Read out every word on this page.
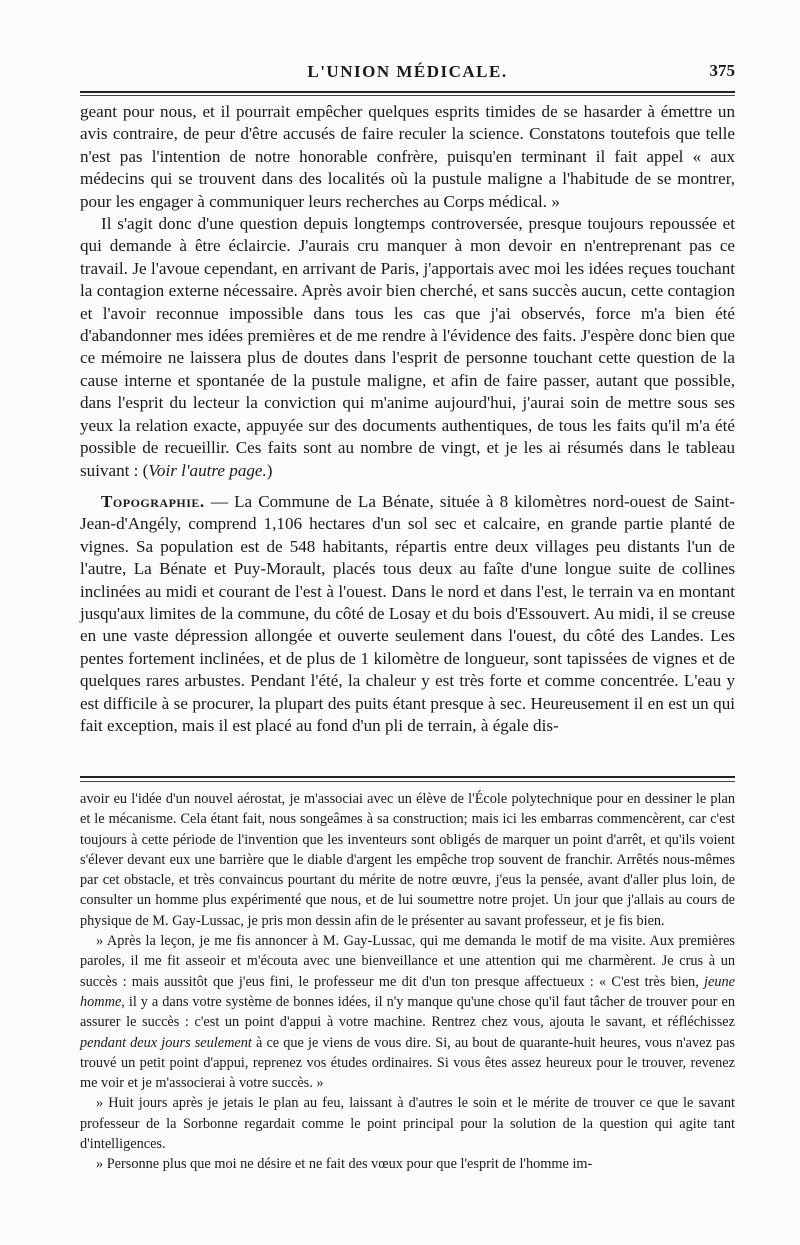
L'UNION MÉDICALE.	375

geant pour nous, et il pourrait empêcher quelques esprits timides de se hasarder à émettre un avis contraire, de peur d'être accusés de faire reculer la science. Constatons toutefois que telle n'est pas l'intention de notre honorable confrère, puisqu'en terminant il fait appel « aux médecins qui se trouvent dans des localités où la pustule maligne a l'habitude de se montrer, pour les engager à communiquer leurs recherches au Corps médical. »

Il s'agit donc d'une question depuis longtemps controversée, presque toujours repoussée et qui demande à être éclaircie. J'aurais cru manquer à mon devoir en n'entreprenant pas ce travail. Je l'avoue cependant, en arrivant de Paris, j'apportais avec moi les idées reçues touchant la contagion externe nécessaire. Après avoir bien cherché, et sans succès aucun, cette contagion et l'avoir reconnue impossible dans tous les cas que j'ai observés, force m'a bien été d'abandonner mes idées premières et de me rendre à l'évidence des faits. J'espère donc bien que ce mémoire ne laissera plus de doutes dans l'esprit de personne touchant cette question de la cause interne et spontanée de la pustule maligne, et afin de faire passer, autant que possible, dans l'esprit du lecteur la conviction qui m'anime aujourd'hui, j'aurai soin de mettre sous ses yeux la relation exacte, appuyée sur des documents authentiques, de tous les faits qu'il m'a été possible de recueillir. Ces faits sont au nombre de vingt, et je les ai résumés dans le tableau suivant : (Voir l'autre page.)

Topographie. — La Commune de La Bénate, située à 8 kilomètres nord-ouest de Saint-Jean-d'Angély, comprend 1,106 hectares d'un sol sec et calcaire, en grande partie planté de vignes. Sa population est de 548 habitants, répartis entre deux villages peu distants l'un de l'autre, La Bénate et Puy-Morault, placés tous deux au faîte d'une longue suite de collines inclinées au midi et courant de l'est à l'ouest. Dans le nord et dans l'est, le terrain va en montant jusqu'aux limites de la commune, du côté de Losay et du bois d'Essouvert. Au midi, il se creuse en une vaste dépression allongée et ouverte seulement dans l'ouest, du côté des Landes. Les pentes fortement inclinées, et de plus de 1 kilomètre de longueur, sont tapissées de vignes et de quelques rares arbustes. Pendant l'été, la chaleur y est très forte et comme concentrée. L'eau y est difficile à se procurer, la plupart des puits étant presque à sec. Heureusement il en est un qui fait exception, mais il est placé au fond d'un pli de terrain, à égale dis-

avoir eu l'idée d'un nouvel aérostat, je m'associai avec un élève de l'École polytechnique pour en dessiner le plan et le mécanisme. Cela étant fait, nous songeâmes à sa construction; mais ici les embarras commencèrent, car c'est toujours à cette période de l'invention que les inventeurs sont obligés de marquer un point d'arrêt, et qu'ils voient s'élever devant eux une barrière que le diable d'argent les empêche trop souvent de franchir. Arrêtés nous-mêmes par cet obstacle, et très convaincus pourtant du mérite de notre œuvre, j'eus la pensée, avant d'aller plus loin, de consulter un homme plus expérimenté que nous, et de lui soumettre notre projet. Un jour que j'allais au cours de physique de M. Gay-Lussac, je pris mon dessin afin de le présenter au savant professeur, et je fis bien.

» Après la leçon, je me fis annoncer à M. Gay-Lussac, qui me demanda le motif de ma visite. Aux premières paroles, il me fit asseoir et m'écouta avec une bienveillance et une attention qui me charmèrent. Je crus à un succès : mais aussitôt que j'eus fini, le professeur me dit d'un ton presque affectueux : « C'est très bien, jeune homme, il y a dans votre système de bonnes idées, il n'y manque qu'une chose qu'il faut tâcher de trouver pour en assurer le succès : c'est un point d'appui à votre machine. Rentrez chez vous, ajouta le savant, et réfléchissez pendant deux jours seulement à ce que je viens de vous dire. Si, au bout de quarante-huit heures, vous n'avez pas trouvé un petit point d'appui, reprenez vos études ordinaires. Si vous êtes assez heureux pour le trouver, revenez me voir et je m'associerai à votre succès. »

» Huit jours après je jetais le plan au feu, laissant à d'autres le soin et le mérite de trouver ce que le savant professeur de la Sorbonne regardait comme le point principal pour la solution de la question qui agite tant d'intelligences.

» Personne plus que moi ne désire et ne fait des vœux pour que l'esprit de l'homme im-
